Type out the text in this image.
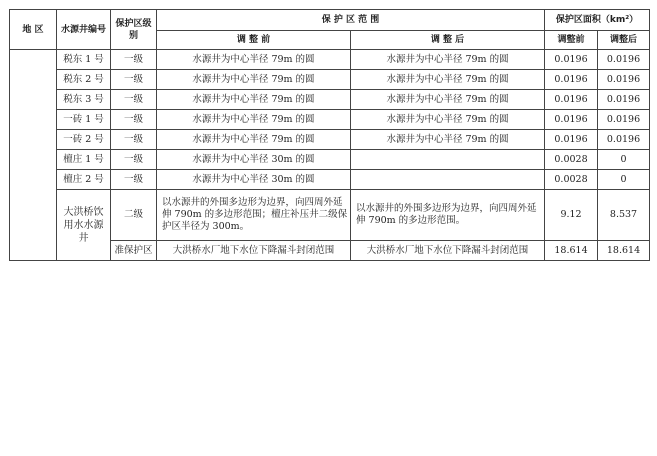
地 区	水源井编号	保护区级别	保 护 区 范 围		保护区面积（km²）	
			调 整 前	调 整 后	调整前	调整后
	税东 1 号	一级	水源井为中心半径 79m 的圆	水源井为中心半径 79m 的圆	0.0196	0.0196
	税东 2 号	一级	水源井为中心半径 79m 的圆	水源井为中心半径 79m 的圆	0.0196	0.0196
	税东 3 号	一级	水源井为中心半径 79m 的圆	水源井为中心半径 79m 的圆	0.0196	0.0196
	一砖 1 号	一级	水源井为中心半径 79m 的圆	水源井为中心半径 79m 的圆	0.0196	0.0196
	一砖 2 号	一级	水源井为中心半径 79m 的圆	水源井为中心半径 79m 的圆	0.0196	0.0196
	檀庄 1 号	一级	水源井为中心半径 30m 的圆		0.0028	0
	檀庄 2 号	一级	水源井为中心半径 30m 的圆		0.0028	0
	大洪桥饮用水水源井	二级	以水源井的外围多边形为边界，向四周外延伸 790m 的多边形范围；檀庄补压井二级保护区半径为 300m。	以水源井的外围多边形为边界，向四周外延伸 790m 的多边形范围。	9.12	8.537
		准保护区	大洪桥水厂地下水位下降漏斗封闭范围	大洪桥水厂地下水位下降漏斗封闭范围	18.614	18.614
